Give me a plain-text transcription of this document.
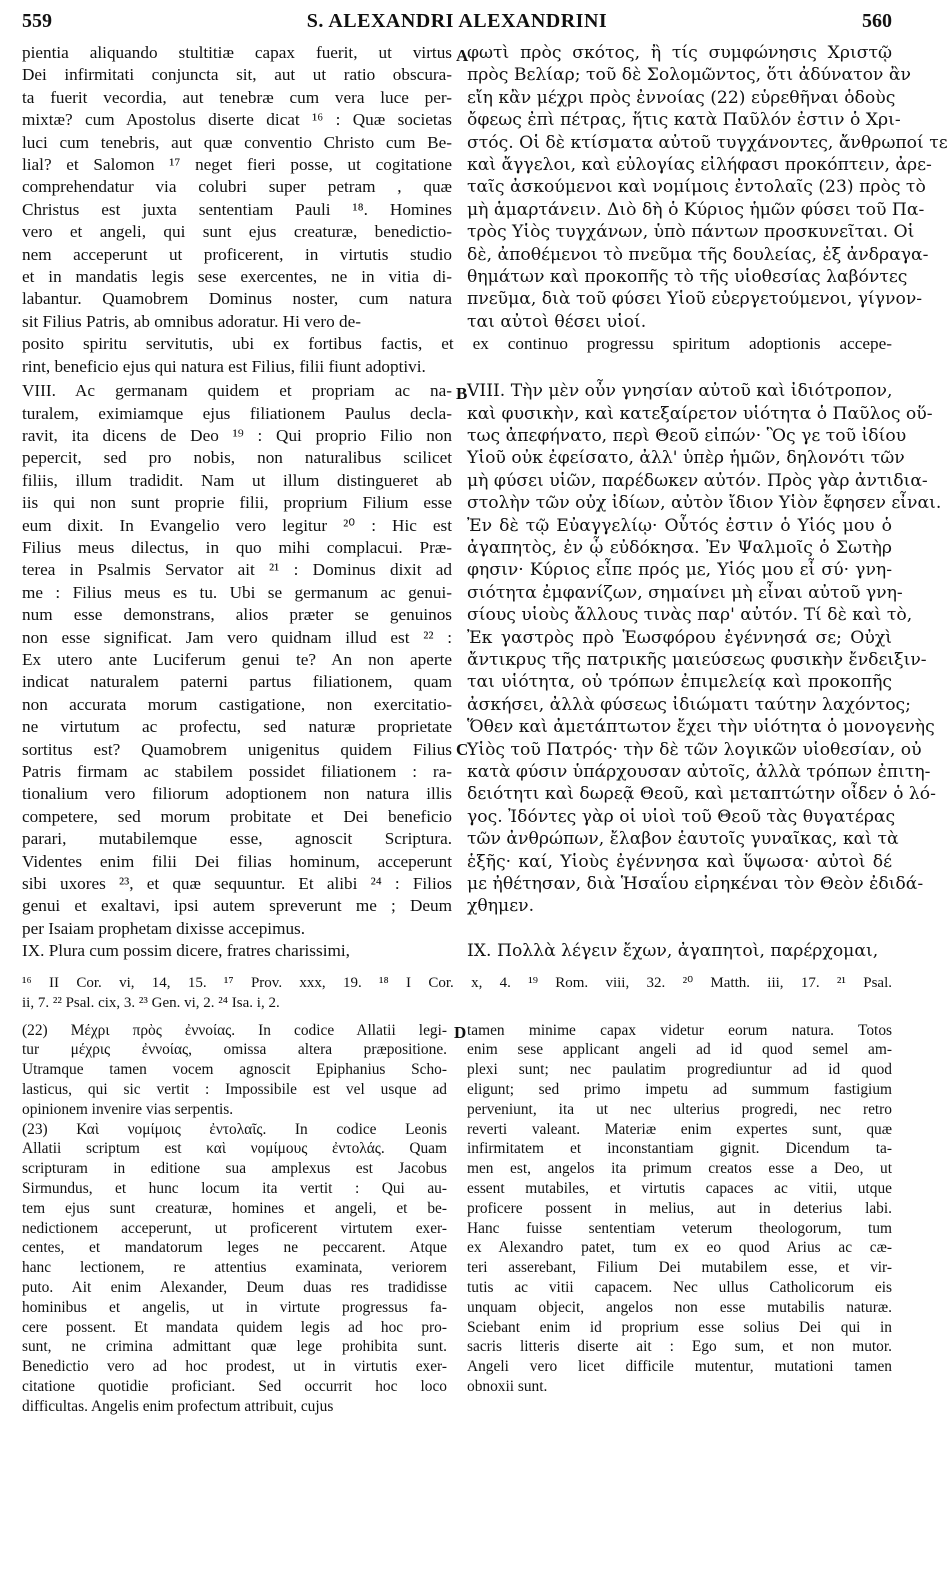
559	S. ALEXANDRI ALEXANDRINI	560
A
pientia aliquando stultitiæ capax fuerit, ut virtus
Dei infirmitati conjuncta sit, aut ut ratio obscura-
ta fuerit vecordia, aut tenebræ cum vera luce per-
mixtæ? cum Apostolus diserte dicat ¹⁶ : Quæ societas
luci cum tenebris, aut quæ conventio Christo cum Be-
lial? et Salomon ¹⁷ neget fieri posse, ut cogitatione
comprehendatur via colubri super petram , quæ
Christus est juxta sententiam Pauli ¹⁸. Homines
vero et angeli, qui sunt ejus creaturæ, benedictio-
nem acceperunt ut proficerent, in virtutis studio
et in mandatis legis sese exercentes, ne in vitia di-
labantur. Quamobrem Dominus noster, cum natura
sit Filius Patris, ab omnibus adoratur. Hi vero de-
φωτὶ πρὸς σκότος, ἢ τίς συμφώνησις Χριστῷ
πρὸς Βελίαρ; τοῦ δὲ Σολομῶντος, ὅτι ἀδύνατον ἂν
εἴη κἂν μέχρι πρὸς ἐννοίας (22) εὑρεθῆναι ὁδοὺς
ὄφεως ἐπὶ πέτρας, ἥτις κατὰ Παῦλόν ἐστιν ὁ Χρι-
στός. Οἱ δὲ κτίσματα αὐτοῦ τυγχάνοντες, ἄνθρωποί τε
καὶ ἄγγελοι, καὶ εὐλογίας εἰλήφασι προκόπτειν, ἀρε-
ταῖς ἀσκούμενοι καὶ νομίμοις ἐντολαῖς (23) πρὸς τὸ
μὴ ἁμαρτάνειν. Διὸ δὴ ὁ Κύριος ἡμῶν φύσει τοῦ Πα-
τρὸς Υἱὸς τυγχάνων, ὑπὸ πάντων προσκυνεῖται. Οἱ
δὲ, ἀποθέμενοι τὸ πνεῦμα τῆς δουλείας, ἐξ ἀνδραγα-
θημάτων καὶ προκοπῆς τὸ τῆς υἱοθεσίας λαβόντες
πνεῦμα, διὰ τοῦ φύσει Υἱοῦ εὐεργετούμενοι, γίγνον-
ται αὐτοὶ θέσει υἱοί.
posito spiritu servitutis, ubi ex fortibus factis, et ex continuo progressu spiritum adoptionis accepe-
rint, beneficio ejus qui natura est Filius, filii fiunt adoptivi.
B
C
VIII. Ac germanam quidem et propriam ac na-
turalem, eximiamque ejus filiationem Paulus decla-
ravit, ita dicens de Deo ¹⁹ : Qui proprio Filio non
pepercit, sed pro nobis, non naturalibus scilicet
filiis, illum tradidit. Nam ut illum distingueret ab
iis qui non sunt proprie filii, proprium Filium esse
eum dixit. In Evangelio vero legitur ²⁰ : Hic est
Filius meus dilectus, in quo mihi complacui. Præ-
terea in Psalmis Servator ait ²¹ : Dominus dixit ad
me : Filius meus es tu. Ubi se germanum ac genui-
num esse demonstrans, alios præter se genuinos
non esse significat. Jam vero quidnam illud est ²² :
Ex utero ante Luciferum genui te? An non aperte
indicat naturalem paterni partus filiationem, quam
non accurata morum castigatione, non exercitatio-
ne virtutum ac profectu, sed naturæ proprietate
sortitus est? Quamobrem unigenitus quidem Filius
Patris firmam ac stabilem possidet filiationem : ra-
tionalium vero filiorum adoptionem non natura illis
competere, sed morum probitate et Dei beneficio
parari, mutabilemque esse, agnoscit Scriptura.
Videntes enim filii Dei filias hominum, acceperunt
sibi uxores ²³, et quæ sequuntur. Et alibi ²⁴ : Filios
genui et exaltavi, ipsi autem spreverunt me ; Deum
per Isaiam prophetam dixisse accepimus.
IX. Plura cum possim dicere, fratres charissimi,
VIII. Τὴν μὲν οὖν γνησίαν αὐτοῦ καὶ ἰδιότροπον,
καὶ φυσικὴν, καὶ κατεξαίρετον υἱότητα ὁ Παῦλος οὕ-
τως ἀπεφήνατο, περὶ Θεοῦ εἰπών· Ὃς γε τοῦ ἰδίου
Υἱοῦ οὐκ ἐφείσατο, ἀλλ' ὑπὲρ ἡμῶν, δηλονότι τῶν
μὴ φύσει υἱῶν, παρέδωκεν αὐτόν. Πρὸς γὰρ ἀντιδια-
στολὴν τῶν οὐχ ἰδίων, αὐτὸν ἴδιον Υἱὸν ἔφησεν εἶναι.
Ἐν δὲ τῷ Εὐαγγελίῳ· Οὗτός ἐστιν ὁ Υἱός μου ὁ
ἀγαπητὸς, ἐν ᾧ εὐδόκησα. Ἐν Ψαλμοῖς ὁ Σωτὴρ
φησιν· Κύριος εἶπε πρός με, Υἱός μου εἶ σύ· γνη-
σιότητα ἐμφανίζων, σημαίνει μὴ εἶναι αὐτοῦ γνη-
σίους υἱοὺς ἄλλους τινὰς παρ' αὐτόν. Τί δὲ καὶ τὸ,
Ἐκ γαστρὸς πρὸ Ἑωσφόρου ἐγέννησά σε; Οὐχὶ
ἄντικρυς τῆς πατρικῆς μαιεύσεως φυσικὴν ἔνδειξιν-
ται υἱότητα, οὐ τρόπων ἐπιμελείᾳ καὶ προκοπῆς
ἀσκήσει, ἀλλὰ φύσεως ἰδιώματι ταύτην λαχόντος;
Ὅθεν καὶ ἀμετάπτωτον ἔχει τὴν υἱότητα ὁ μονογενὴς
Υἱὸς τοῦ Πατρός· τὴν δὲ τῶν λογικῶν υἱοθεσίαν, οὐ
κατὰ φύσιν ὑπάρχουσαν αὐτοῖς, ἀλλὰ τρόπων ἐπιτη-
δειότητι καὶ δωρεᾷ Θεοῦ, καὶ μεταπτώτην οἶδεν ὁ λό-
γος. Ἰδόντες γὰρ οἱ υἱοὶ τοῦ Θεοῦ τὰς θυγατέρας
τῶν ἀνθρώπων, ἔλαβον ἑαυτοῖς γυναῖκας, καὶ τὰ
ἑξῆς· καί, Υἱοὺς ἐγέννησα καὶ ὕψωσα· αὐτοὶ δέ
με ἠθέτησαν, διὰ Ἡσαΐου εἰρηκέναι τὸν Θεὸν ἐδιδά-
χθημεν.

IX. Πολλὰ λέγειν ἔχων, ἀγαπητοὶ, παρέρχομαι,
¹⁶ II Cor. vi, 14, 15. ¹⁷ Prov. xxx, 19. ¹⁸ I Cor. x, 4. ¹⁹ Rom. viii, 32. ²⁰ Matth. iii, 17. ²¹ Psal.
ii, 7. ²² Psal. cix, 3. ²³ Gen. vi, 2. ²⁴ Isa. i, 2.
D
(22) Μέχρι πρὸς ἐννοίας. In codice Allatii legi-
tur μέχρις ἐννοίας, omissa altera præpositione.
Utramque tamen vocem agnoscit Epiphanius Scho-
lasticus, qui sic vertit : Impossibile est vel usque ad
opinionem invenire vias serpentis.
(23) Καὶ νομίμοις ἐντολαῖς. In codice Leonis
Allatii scriptum est καὶ νομίμους ἐντολάς. Quam
scripturam in editione sua amplexus est Jacobus
Sirmundus, et hunc locum ita vertit : Qui au-
tem ejus sunt creaturæ, homines et angeli, et be-
nedictionem acceperunt, ut proficerent virtutem exer-
centes, et mandatorum leges ne peccarent. Atque
hanc lectionem, re attentius examinata, veriorem
puto. Ait enim Alexander, Deum duas res tradidisse
hominibus et angelis, ut in virtute progressus fa-
cere possent. Et mandata quidem legis ad hoc pro-
sunt, ne crimina admittant quæ lege prohibita sunt.
Benedictio vero ad hoc prodest, ut in virtutis exer-
citatione quotidie proficiant. Sed occurrit hoc loco
difficultas. Angelis enim profectum attribuit, cujus
tamen minime capax videtur eorum natura. Totos
enim sese applicant angeli ad id quod semel am-
plexi sunt; nec paulatim progrediuntur ad id quod
eligunt; sed primo impetu ad summum fastigium
perveniunt, ita ut nec ulterius progredi, nec retro
reverti valeant. Materiæ enim expertes sunt, quæ
infirmitatem et inconstantiam gignit. Dicendum ta-
men est, angelos ita primum creatos esse a Deo, ut
essent mutabiles, et virtutis capaces ac vitii, utque
proficere possent in melius, aut in deterius labi.
Hanc fuisse sententiam veterum theologorum, tum
ex Alexandro patet, tum ex eo quod Arius ac cæ-
teri asserebant, Filium Dei mutabilem esse, et vir-
tutis ac vitii capacem. Nec ullus Catholicorum eis
unquam objecit, angelos non esse mutabilis naturæ.
Sciebant enim id proprium esse solius Dei qui in
sacris litteris diserte ait : Ego sum, et non mutor.
Angeli vero licet difficile mutentur, mutationi tamen
obnoxii sunt.
